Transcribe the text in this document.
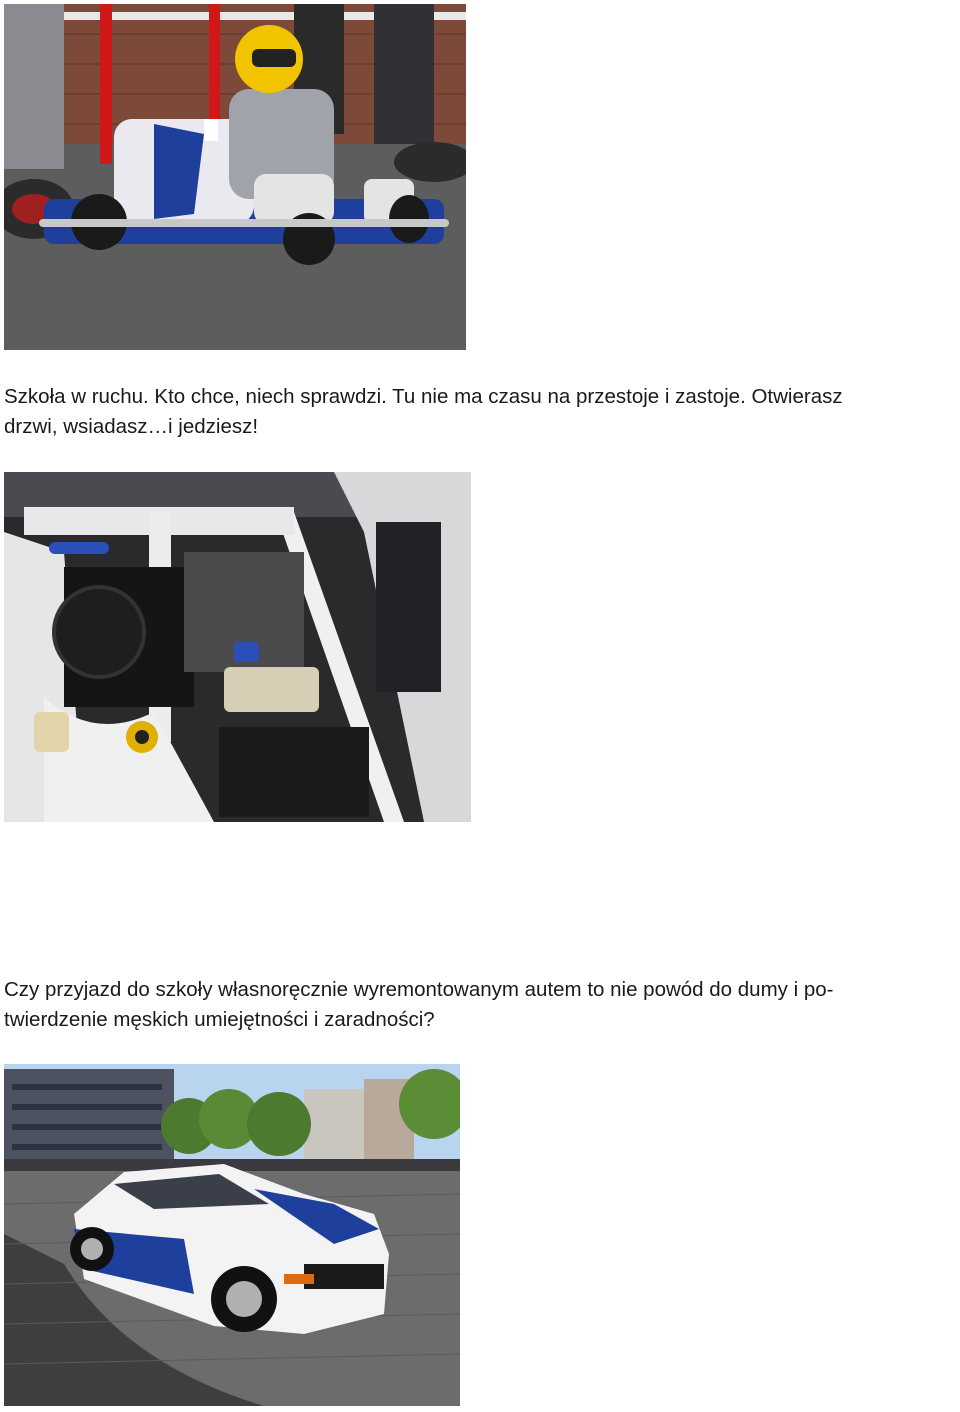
Szkoła w ruchu. Kto chce, niech sprawdzi. Tu nie ma czasu na przestoje i zastoje. Otwierasz
drzwi, wsiadasz…i jedziesz!

Czy przyjazd do szkoły własnoręcznie wyremontowanym autem to nie powód do dumy i po-
twierdzenie męskich umiejętności i zaradności?
